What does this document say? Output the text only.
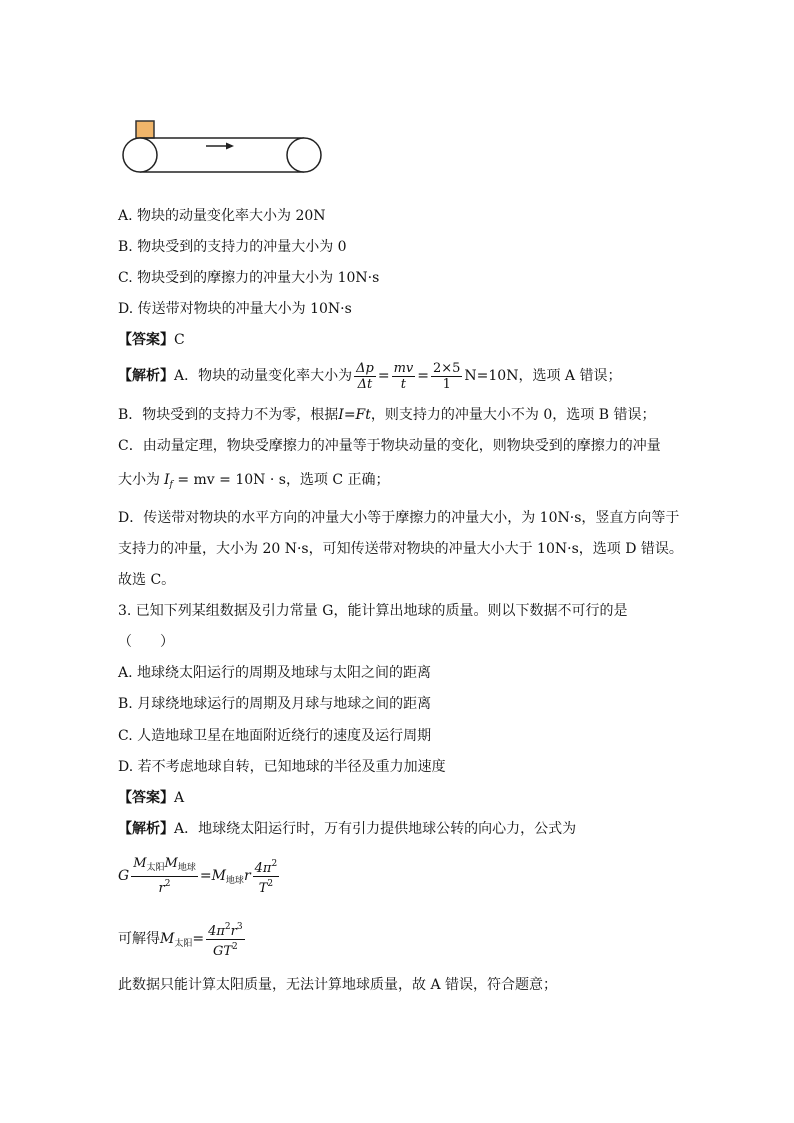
A. 物块的动量变化率大小为 20N
B. 物块受到的支持力的冲量大小为 0
C. 物块受到的摩擦力的冲量大小为 10N·s
D. 传送带对物块的冲量大小为 10N·s
【答案】C
【解析】A．物块的动量变化率大小为 $\frac{\Delta p}{\Delta t} = \frac{mv}{t} = \frac{2\times 5}{1} N=10N$，选项 A 错误；
B．物块受到的支持力不为零，根据I=Ft，则支持力的冲量大小不为 0，选项 B 错误；
C．由动量定理，物块受摩擦力的冲量等于物块动量的变化，则物块受到的摩擦力的冲量
大小为 $I_f$ = mv = 10N · s，选项 C 正确；
D．传送带对物块的水平方向的冲量大小等于摩擦力的冲量大小，为 10N·s，竖直方向等于
支持力的冲量，大小为 20 N·s，可知传送带对物块的冲量大小大于 10N·s，选项 D 错误。
故选 C。
3. 已知下列某组数据及引力常量 G，能计算出地球的质量。则以下数据不可行的是
（　　）
A. 地球绕太阳运行的周期及地球与太阳之间的距离
B. 月球绕地球运行的周期及月球与地球之间的距离
C. 人造地球卫星在地面附近绕行的速度及运行周期
D. 若不考虑地球自转，已知地球的半径及重力加速度
【答案】A
【解析】A．地球绕太阳运行时，万有引力提供地球公转的向心力，公式为
G $\frac{M_{太阳}M_{地球}}{r^2} =M_{地球}r \frac{4\pi^2}{T^2}$
可解得$M_{太阳}= \frac{4\pi^2r^3}{GT^2}$
此数据只能计算太阳质量，无法计算地球质量，故 A 错误，符合题意；
